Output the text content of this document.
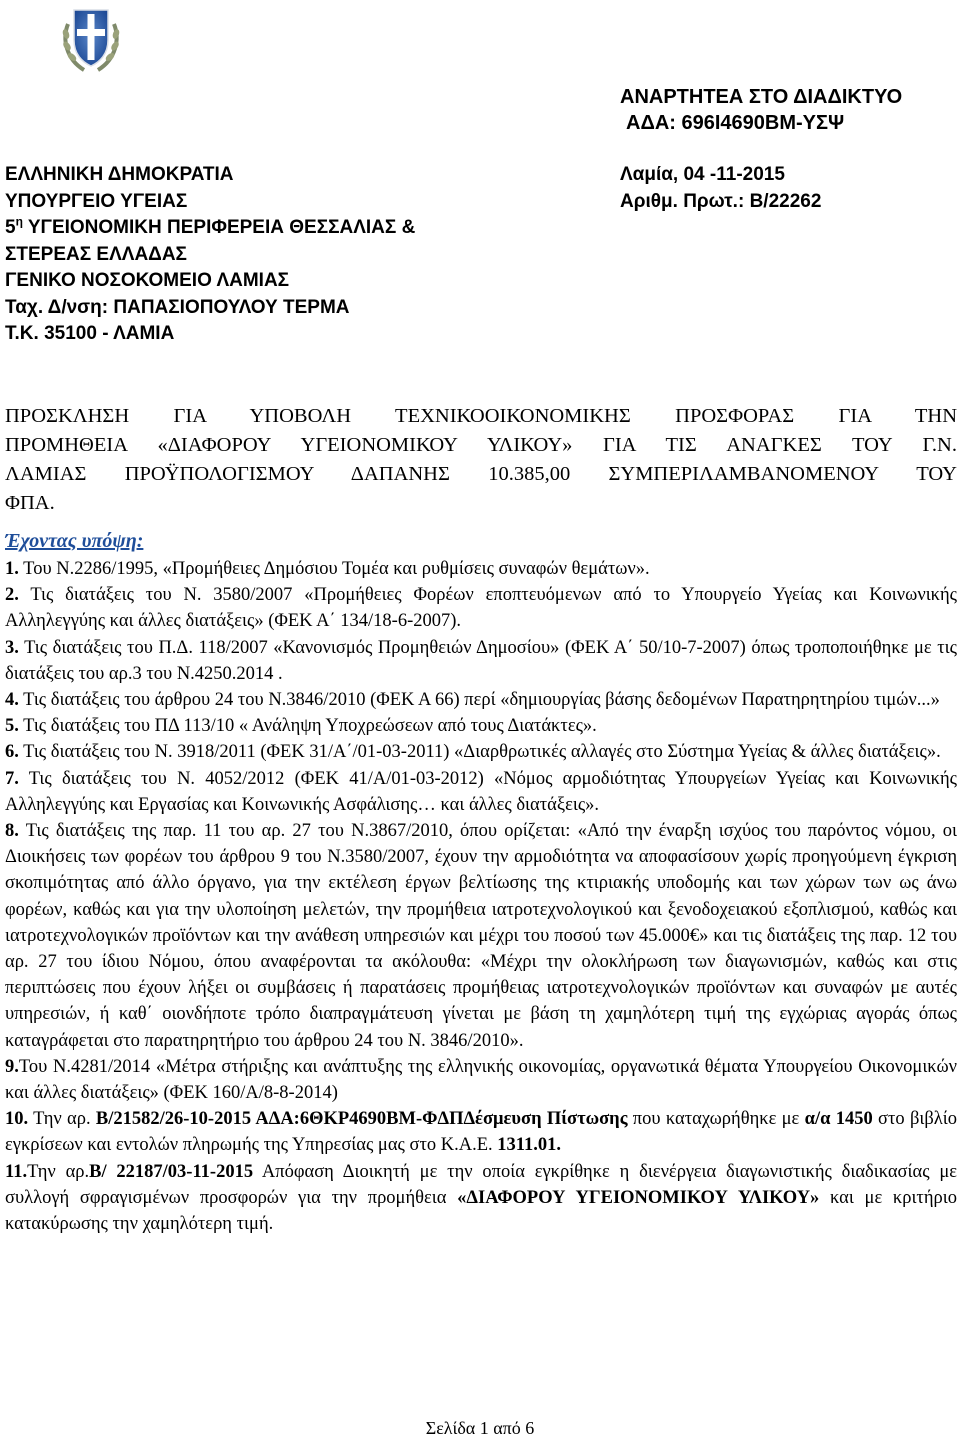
ΑΝΑΡΤΗΤΕΑ ΣΤΟ ΔΙΑΔΙΚΤΥΟ
ΑΔΑ: 696Ι4690ΒΜ-ΥΣΨ
ΕΛΛΗΝΙΚΗ ΔΗΜΟΚΡΑΤΙΑ
ΥΠΟΥΡΓΕΙΟ ΥΓΕΙΑΣ
$5^\eta$ ΥΓΕΙΟΝΟΜΙΚΗ ΠΕΡΙΦΕΡΕΙΑ ΘΕΣΣΑΛΙΑΣ &
ΣΤΕΡΕΑΣ ΕΛΛΑΔΑΣ
ΓΕΝΙΚΟ ΝΟΣΟΚΟΜΕΙΟ ΛΑΜΙΑΣ
Ταχ. Δ/νση: ΠΑΠΑΣΙΟΠΟΥΛΟΥ ΤΕΡΜΑ
Τ.Κ. 35100 - ΛΑΜΙΑ
Λαμία, 04 -11-2015
Αριθμ. Πρωτ.: Β/22262
ΠΡΟΣΚΛΗΣΗ ΓΙΑ ΥΠΟΒΟΛΗ ΤΕΧΝΙΚΟΟΙΚΟΝΟΜΙΚΗΣ ΠΡΟΣΦΟΡΑΣ ΓΙΑ ΤΗΝ
ΠΡΟΜΗΘΕΙΑ «ΔΙΑΦΟΡΟΥ ΥΓΕΙΟΝΟΜΙΚΟΥ ΥΛΙΚΟΥ» ΓΙΑ ΤΙΣ ΑΝΑΓΚΕΣ ΤΟΥ Γ.Ν.
ΛΑΜΙΑΣ ΠΡΟΫΠΟΛΟΓΙΣΜΟΥ ΔΑΠΑΝΗΣ 10.385,00 ΣΥΜΠΕΡΙΛΑΜΒΑΝΟΜΕΝΟΥ ΤΟΥ
ΦΠΑ.
Έχοντας υπόψη:

1. Του Ν.2286/1995, «Προμήθειες Δημόσιου Τομέα και ρυθμίσεις συναφών θεμάτων».

2. Τις διατάξεις του Ν. 3580/2007 «Προμήθειες Φορέων εποπτευόμενων από το Υπουργείο Υγείας και Κοινωνικής Αλληλεγγύης και άλλες διατάξεις» (ΦΕΚ Α΄ 134/18-6-2007).

3. Τις διατάξεις του Π.Δ. 118/2007 «Κανονισμός Προμηθειών Δημοσίου» (ΦΕΚ Α΄ 50/10-7-2007) όπως τροποποιήθηκε με τις διατάξεις του αρ.3 του Ν.4250.2014 .

4. Τις διατάξεις του άρθρου 24 του Ν.3846/2010 (ΦΕΚ Α 66) περί «δημιουργίας βάσης δεδομένων Παρατηρητηρίου τιμών...»

5. Τις διατάξεις του ΠΔ 113/10 « Ανάληψη Υποχρεώσεων από τους Διατάκτες».

6. Τις διατάξεις του Ν. 3918/2011 (ΦΕΚ 31/Α΄/01-03-2011) «Διαρθρωτικές αλλαγές στο Σύστημα Υγείας & άλλες διατάξεις».

7. Τις διατάξεις του Ν. 4052/2012 (ΦΕΚ 41/Α/01-03-2012) «Νόμος αρμοδιότητας Υπουργείων Υγείας και Κοινωνικής Αλληλεγγύης και Εργασίας και Κοινωνικής Ασφάλισης… και άλλες διατάξεις».

8. Τις διατάξεις της παρ. 11 του αρ. 27 του Ν.3867/2010, όπου ορίζεται: «Από την έναρξη ισχύος του παρόντος νόμου, οι Διοικήσεις των φορέων του άρθρου 9 του Ν.3580/2007, έχουν την αρμοδιότητα να αποφασίσουν χωρίς προηγούμενη έγκριση σκοπιμότητας από άλλο όργανο, για την εκτέλεση έργων βελτίωσης της κτιριακής υποδομής και των χώρων των ως άνω φορέων, καθώς και για την υλοποίηση μελετών, την προμήθεια ιατροτεχνολογικού και ξενοδοχειακού εξοπλισμού, καθώς και ιατροτεχνολογικών προϊόντων και την ανάθεση υπηρεσιών και μέχρι του ποσού των 45.000€» και τις διατάξεις της παρ. 12 του αρ. 27 του ίδιου Νόμου, όπου αναφέρονται τα ακόλουθα: «Μέχρι την ολοκλήρωση των διαγωνισμών, καθώς και στις περιπτώσεις που έχουν λήξει οι συμβάσεις ή παρατάσεις προμήθειας ιατροτεχνολογικών προϊόντων και συναφών με αυτές υπηρεσιών, ή καθ΄ οιονδήποτε τρόπο διαπραγμάτευση γίνεται με βάση τη χαμηλότερη τιμή της εγχώριας αγοράς όπως καταγράφεται στο παρατηρητήριο του άρθρου 24 του Ν. 3846/2010».

9.Του Ν.4281/2014 «Μέτρα στήριξης και ανάπτυξης της ελληνικής οικονομίας, οργανωτικά θέματα Υπουργείου Οικονομικών και άλλες διατάξεις» (ΦΕΚ 160/Α/8-8-2014)

10. Την αρ. Β/21582/26-10-2015 ΑΔΑ:6ΘΚΡ4690ΒΜ-ΦΔΠΔέσμευση Πίστωσης που καταχωρήθηκε με α/α 1450 στο βιβλίο εγκρίσεων και εντολών πληρωμής της Υπηρεσίας μας στο Κ.Α.Ε. 1311.01.

11.Την αρ.Β/ 22187/03-11-2015 Απόφαση Διοικητή με την οποία εγκρίθηκε η διενέργεια διαγωνιστικής διαδικασίας με συλλογή σφραγισμένων προσφορών για την προμήθεια «ΔΙΑΦΟΡΟΥ ΥΓΕΙΟΝΟΜΙΚΟΥ ΥΛΙΚΟΥ» και με κριτήριο κατακύρωσης την χαμηλότερη τιμή.

Σελίδα 1 από 6
